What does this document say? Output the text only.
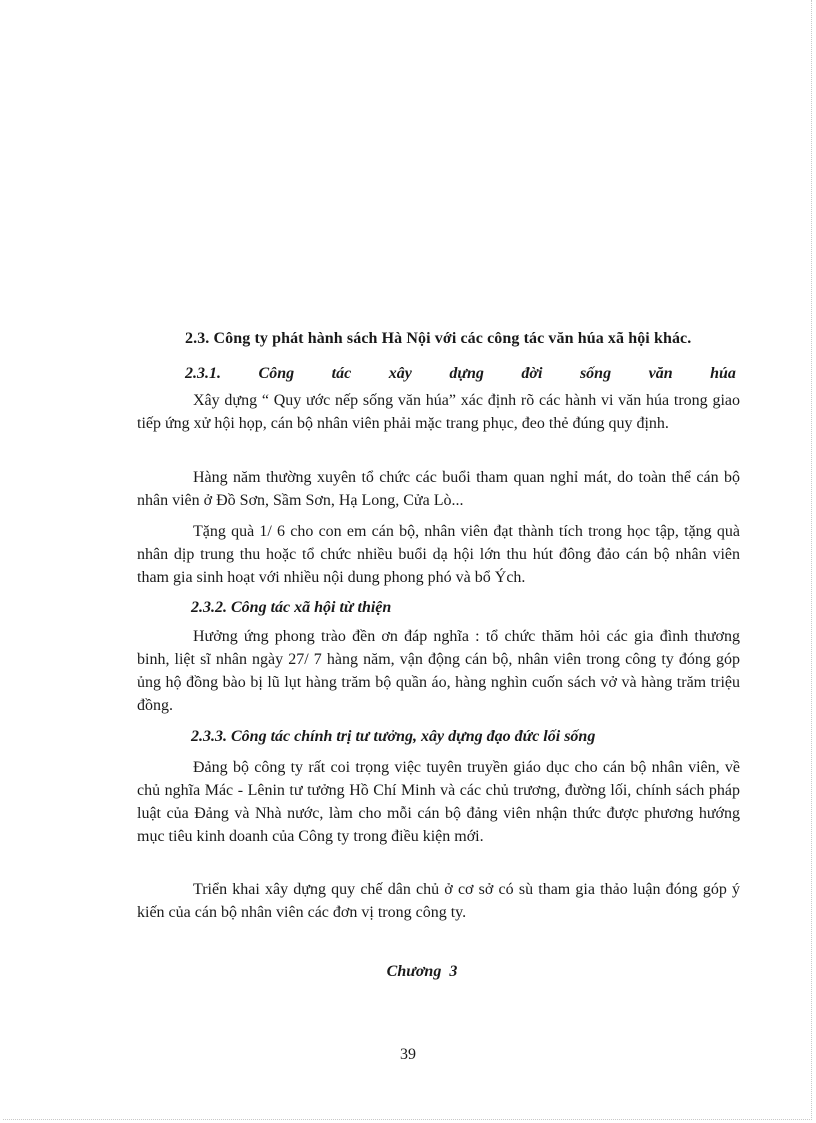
2.3. Công ty phát hành sách Hà Nội với các công tác văn húa xã hội khác.
2.3.1. Công tác xây dựng đời sống văn húa

Xây dựng “ Quy ước nếp sống văn húa” xác định rõ các hành vi văn húa trong giao tiếp ứng xử hội họp, cán bộ nhân viên phải mặc trang phục, đeo thẻ đúng quy định.

Hàng năm thường xuyên tổ chức các buổi tham quan nghỉ mát, do toàn thể cán bộ nhân viên ở Đồ Sơn, Sầm Sơn, Hạ Long, Cửa Lò...

Tặng quà 1/ 6 cho con em cán bộ, nhân viên đạt thành tích trong học tập, tặng quà nhân dịp trung thu hoặc tổ chức nhiều buổi dạ hội lớn thu hút đông đảo cán bộ nhân viên tham gia sinh hoạt với nhiều nội dung phong phó và bổ Ých.

2.3.2. Công tác xã hội từ thiện

Hưởng ứng phong trào đền ơn đáp nghĩa : tổ chức thăm hỏi các gia đình thương binh, liệt sĩ nhân ngày 27/ 7 hàng năm, vận động cán bộ, nhân viên trong công ty đóng góp ủng hộ đồng bào bị lũ lụt hàng trăm bộ quần áo, hàng nghìn cuốn sách vở và hàng trăm triệu đồng.

2.3.3. Công tác chính trị tư tưởng, xây dựng đạo đức lối sống

Đảng bộ công ty rất coi trọng việc tuyên truyền giáo dục cho cán bộ nhân viên, về chủ nghĩa Mác - Lênin tư tưởng Hồ Chí Minh và các chủ trương, đường lối, chính sách pháp luật của Đảng và Nhà nước, làm cho mỗi cán bộ đảng viên nhận thức được phương hướng mục tiêu kinh doanh của Công ty trong điều kiện mới.

Triển khai xây dựng quy chế dân chủ ở cơ sở có sù tham gia thảo luận đóng góp ý kiến của cán bộ nhân viên các đơn vị trong công ty.

Chương 3
39
